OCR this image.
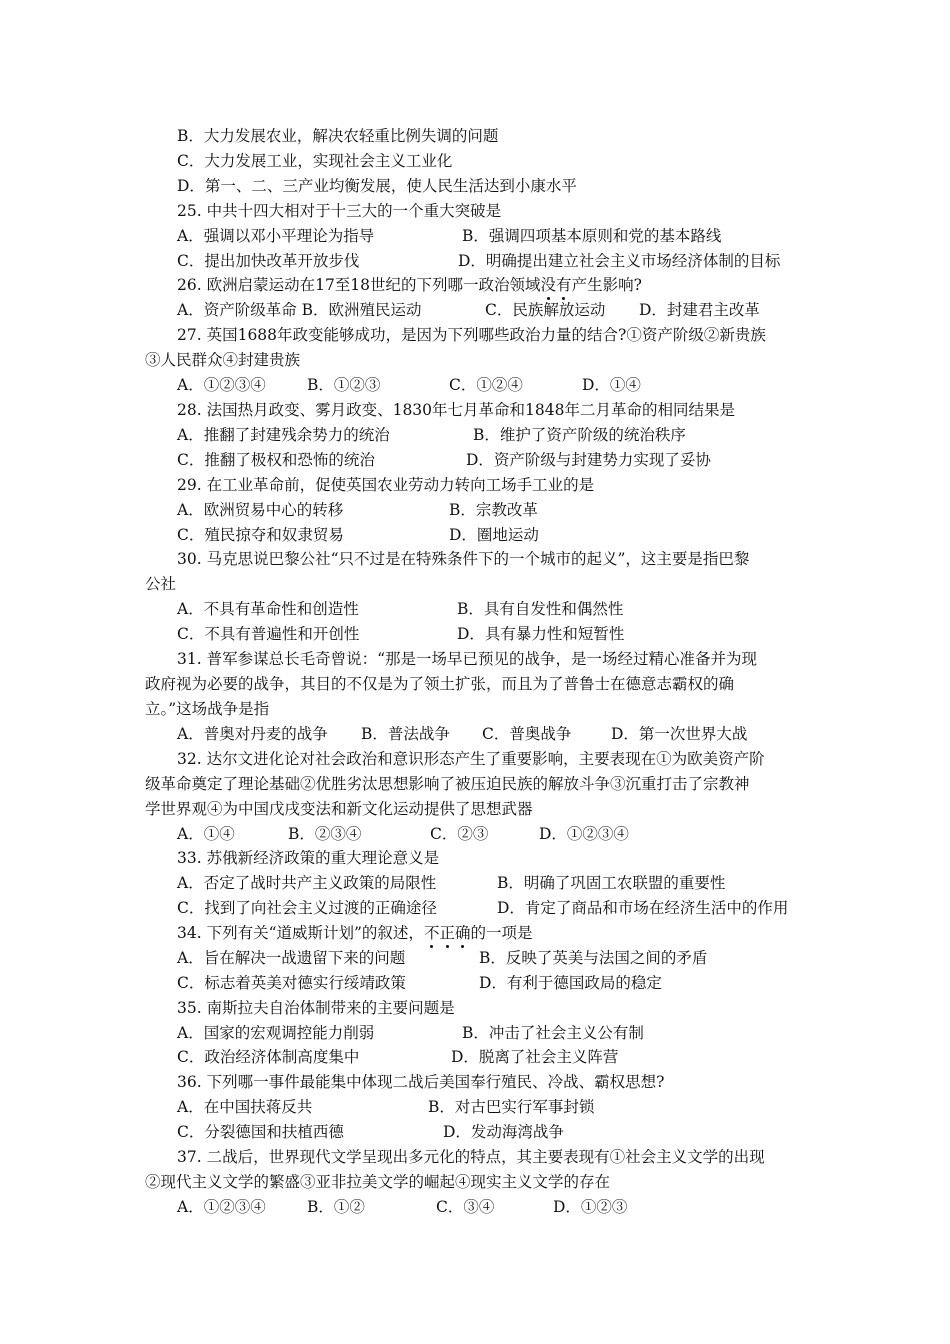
B．大力发展农业，解决农轻重比例失调的问题
C．大力发展工业，实现社会主义工业化
D．第一、二、三产业均衡发展，使人民生活达到小康水平
25. 中共十四大相对于十三大的一个重大突破是
A．强调以邓小平理论为指导	B．强调四项基本原则和党的基本路线
C．提出加快改革开放步伐	D．明确提出建立社会主义市场经济体制的目标
26. 欧洲启蒙运动在17至18世纪的下列哪一政治领域没有产生影响?
A．资产阶级革命 B．欧洲殖民运动	C．民族解放运动 D．封建君主改革
27. 英国1688年政变能够成功，是因为下列哪些政治力量的结合?①资产阶级②新贵族
③人民群众④封建贵族
A．①②③④	B．①②③	C．①②④	D．①④
28. 法国热月政变、雾月政变、1830年七月革命和1848年二月革命的相同结果是
A．推翻了封建残余势力的统治	B．维护了资产阶级的统治秩序
C．推翻了极权和恐怖的统治	D．资产阶级与封建势力实现了妥协
29. 在工业革命前，促使英国农业劳动力转向工场手工业的是
A．欧洲贸易中心的转移	B．宗教改革
C．殖民掠夺和奴隶贸易	D．圈地运动
30. 马克思说巴黎公社“只不过是在特殊条件下的一个城市的起义”，这主要是指巴黎
公社
A．不具有革命性和创造性	B．具有自发性和偶然性
C．不具有普遍性和开创性	D．具有暴力性和短暂性
31. 普军参谋总长毛奇曾说：“那是一场早已预见的战争，是一场经过精心准备并为现
政府视为必要的战争，其目的不仅是为了领土扩张，而且为了普鲁士在德意志霸权的确
立。”这场战争是指
A．普奥对丹麦的战争 B．普法战争 C．普奥战争	D．第一次世界大战
32. 达尔文进化论对社会政治和意识形态产生了重要影响，主要表现在①为欧美资产阶
级革命奠定了理论基础②优胜劣汰思想影响了被压迫民族的解放斗争③沉重打击了宗教神
学世界观④为中国戊戌变法和新文化运动提供了思想武器
A．①④	B．②③④	C．②③	D．①②③④
33. 苏俄新经济政策的重大理论意义是
A．否定了战时共产主义政策的局限性	B．明确了巩固工农联盟的重要性
C．找到了向社会主义过渡的正确途径	D．肯定了商品和市场在经济生活中的作用
34. 下列有关“道威斯计划”的叙述，不正确的一项是
A．旨在解决一战遗留下来的问题	B．反映了英美与法国之间的矛盾
C．标志着英美对德实行绥靖政策	D．有利于德国政局的稳定
35. 南斯拉夫自治体制带来的主要问题是
A．国家的宏观调控能力削弱	B．冲击了社会主义公有制
C．政治经济体制高度集中	D．脱离了社会主义阵营
36. 下列哪一事件最能集中体现二战后美国奉行殖民、冷战、霸权思想?
A．在中国扶蒋反共	B．对古巴实行军事封锁
C．分裂德国和扶植西德	D．发动海湾战争
37. 二战后，世界现代文学呈现出多元化的特点，其主要表现有①社会主义文学的出现
②现代主义文学的繁盛③亚非拉美文学的崛起④现实主义文学的存在
A．①②③④	B．①②	C．③④	D．①②③
